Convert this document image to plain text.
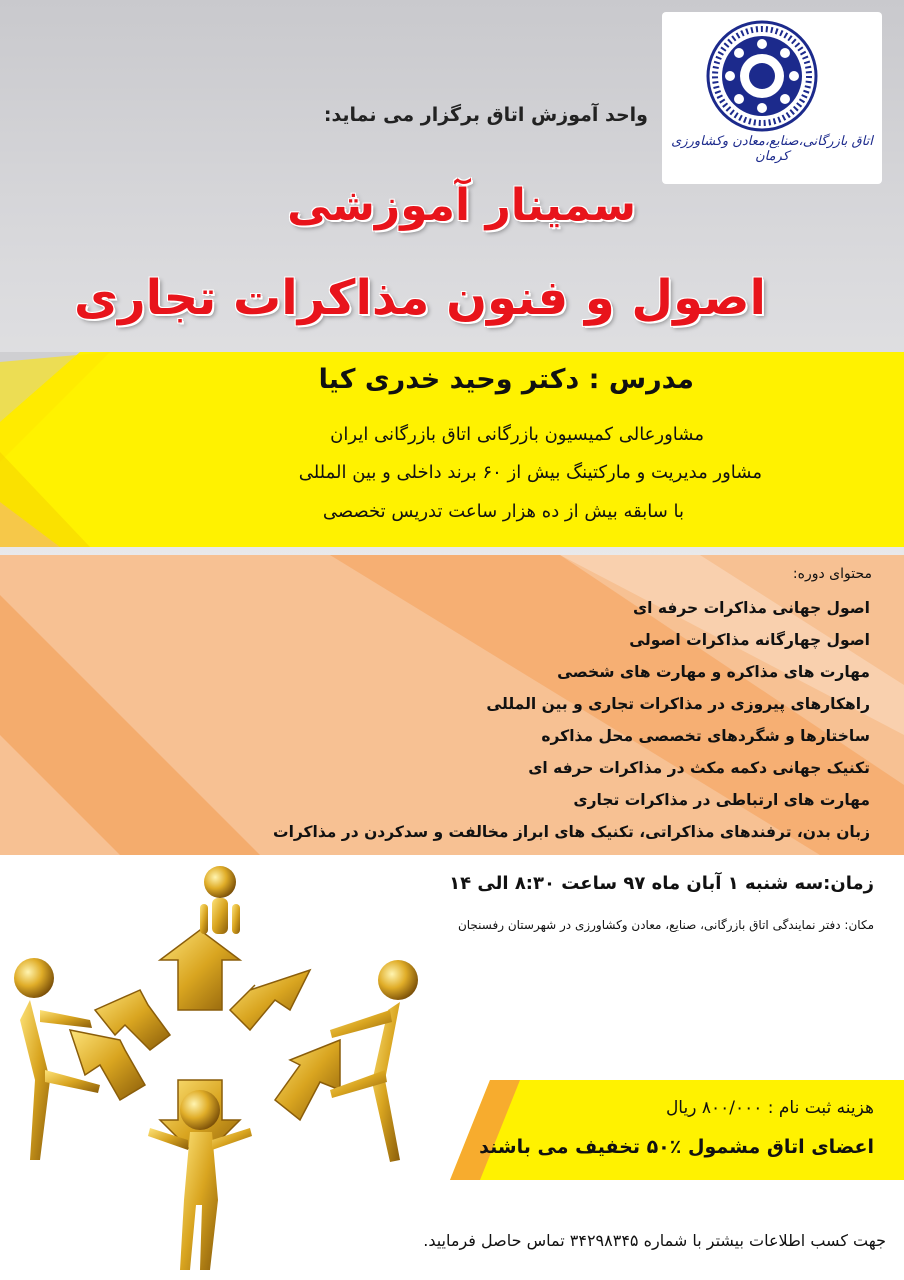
اتاق بازرگانی،صنایع،معادن وکشاورزی کرمان
واحد آموزش اتاق برگزار می نماید:
سمینار آموزشی
اصول و فنون مذاکرات تجاری
مدرس : دکتر وحید خدری کیا
مشاورعالی کمیسیون بازرگانی اتاق بازرگانی ایران
مشاور مدیریت و مارکتینگ بیش از ۶۰ برند داخلی و بین المللی
با سابقه بیش از ده هزار ساعت تدریس تخصصی
محتوای دوره:
اصول جهانی مذاکرات حرفه ای
اصول چهارگانه مذاکرات اصولی
مهارت های مذاکره و مهارت های شخصی
راهکارهای پیروزی در مذاکرات تجاری و بین المللی
ساختارها و شگردهای تخصصی محل مذاکره
تکنیک جهانی دکمه مکث در مذاکرات حرفه ای
مهارت های ارتباطی در مذاکرات تجاری
زبان بدن، ترفندهای مذاکراتی، تکنیک های ابراز مخالفت و سدکردن در مذاکرات
زمان:سه شنبه ۱ آبان ماه ۹۷ ساعت ۸:۳۰ الی ۱۴
مکان: دفتر نمایندگی اتاق بازرگانی، صنایع، معادن وکشاورزی در شهرستان رفسنجان
هزینه ثبت نام : ۸۰۰/۰۰۰ ریال
اعضای اتاق مشمول ٪۵۰ تخفیف می باشند
جهت کسب اطلاعات بیشتر با شماره ۳۴۲۹۸۳۴۵ تماس حاصل فرمایید.
